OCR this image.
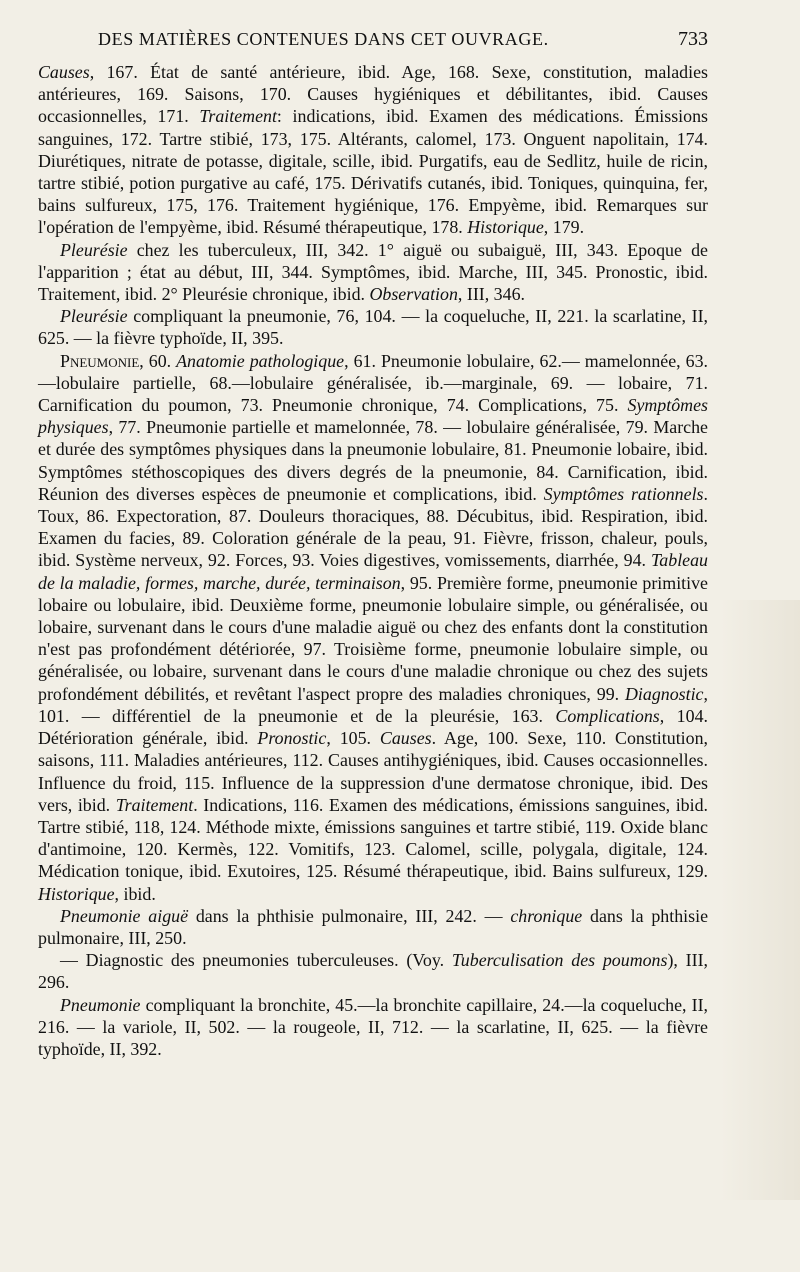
DES MATIÈRES CONTENUES DANS CET OUVRAGE.	733

Causes, 167. État de santé antérieure, ibid. Age, 168. Sexe, constitution, maladies antérieures, 169. Saisons, 170. Causes hygiéniques et débilitantes, ibid. Causes occasionnelles, 171. Traitement: indications, ibid. Examen des médications. Émissions sanguines, 172. Tartre stibié, 173, 175. Altérants, calomel, 173. Onguent napolitain, 174. Diurétiques, nitrate de potasse, digitale, scille, ibid. Purgatifs, eau de Sedlitz, huile de ricin, tartre stibié, potion purgative au café, 175. Dérivatifs cutanés, ibid. Toniques, quinquina, fer, bains sulfureux, 175, 176. Traitement hygiénique, 176. Empyème, ibid. Remarques sur l'opération de l'empyème, ibid. Résumé thérapeutique, 178. Historique, 179.

Pleurésie chez les tuberculeux, III, 342. 1° aiguë ou subaiguë, III, 343. Epoque de l'apparition ; état au début, III, 344. Symptômes, ibid. Marche, III, 345. Pronostic, ibid. Traitement, ibid. 2° Pleurésie chronique, ibid. Observation, III, 346.

Pleurésie compliquant la pneumonie, 76, 104. — la coqueluche, II, 221. la scarlatine, II, 625. — la fièvre typhoïde, II, 395.

Pneumonie, 60. Anatomie pathologique, 61. Pneumonie lobulaire, 62.— mamelonnée, 63.—lobulaire partielle, 68.—lobulaire généralisée, ib.—marginale, 69. — lobaire, 71. Carnification du poumon, 73. Pneumonie chronique, 74. Complications, 75. Symptômes physiques, 77. Pneumonie partielle et mamelonnée, 78. — lobulaire généralisée, 79. Marche et durée des symptômes physiques dans la pneumonie lobulaire, 81. Pneumonie lobaire, ibid. Symptômes stéthoscopiques des divers degrés de la pneumonie, 84. Carnification, ibid. Réunion des diverses espèces de pneumonie et complications, ibid. Symptômes rationnels. Toux, 86. Expectoration, 87. Douleurs thoraciques, 88. Décubitus, ibid. Respiration, ibid. Examen du facies, 89. Coloration générale de la peau, 91. Fièvre, frisson, chaleur, pouls, ibid. Système nerveux, 92. Forces, 93. Voies digestives, vomissements, diarrhée, 94. Tableau de la maladie, formes, marche, durée, terminaison, 95. Première forme, pneumonie primitive lobaire ou lobulaire, ibid. Deuxième forme, pneumonie lobulaire simple, ou généralisée, ou lobaire, survenant dans le cours d'une maladie aiguë ou chez des enfants dont la constitution n'est pas profondément détériorée, 97. Troisième forme, pneumonie lobulaire simple, ou généralisée, ou lobaire, survenant dans le cours d'une maladie chronique ou chez des sujets profondément débilités, et revêtant l'aspect propre des maladies chroniques, 99. Diagnostic, 101. — différentiel de la pneumonie et de la pleurésie, 163. Complications, 104. Détérioration générale, ibid. Pronostic, 105. Causes. Age, 100. Sexe, 110. Constitution, saisons, 111. Maladies antérieures, 112. Causes antihygiéniques, ibid. Causes occasionnelles. Influence du froid, 115. Influence de la suppression d'une dermatose chronique, ibid. Des vers, ibid. Traitement. Indications, 116. Examen des médications, émissions sanguines, ibid. Tartre stibié, 118, 124. Méthode mixte, émissions sanguines et tartre stibié, 119. Oxide blanc d'antimoine, 120. Kermès, 122. Vomitifs, 123. Calomel, scille, polygala, digitale, 124. Médication tonique, ibid. Exutoires, 125. Résumé thérapeutique, ibid. Bains sulfureux, 129. Historique, ibid.

Pneumonie aiguë dans la phthisie pulmonaire, III, 242. — chronique dans la phthisie pulmonaire, III, 250.

— Diagnostic des pneumonies tuberculeuses. (Voy. Tuberculisation des poumons), III, 296.

Pneumonie compliquant la bronchite, 45.—la bronchite capillaire, 24.—la coqueluche, II, 216. — la variole, II, 502. — la rougeole, II, 712. — la scarlatine, II, 625. — la fièvre typhoïde, II, 392.
